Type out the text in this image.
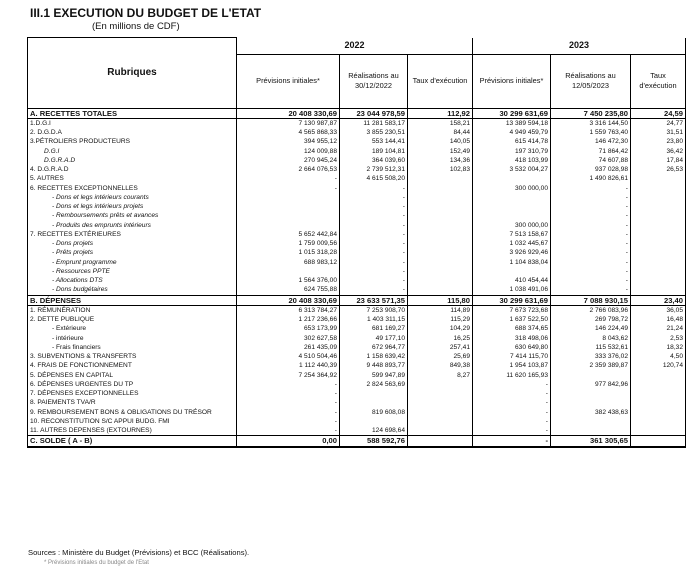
III.1 EXECUTION DU BUDGET DE L'ETAT
(En millions de CDF)
Rubriques	2022			2023		
	Prévisions initiales*	Réalisations au 30/12/2022	Taux d'exécution	Prévisions initiales*	Réalisations au 12/05/2023	Taux d'exécution
A. RECETTES TOTALES	20 408 330,69	23 044 978,59	112,92	30 299 631,69	7 450 235,80	24,59
1.D.G.I	7 130 987,87	11 281 583,17	158,21	13 389 594,18	3 316 144,50	24,77
2. D.G.D.A	4 565 868,33	3 855 230,51	84,44	4 949 459,79	1 559 763,40	31,51
3.PÉTROLIERS PRODUCTEURS	394 955,12	553 144,41	140,05	615 414,78	146 472,30	23,80
D.G.I	124 009,88	189 104,81	152,49	197 310,79	71 864,42	36,42
D.G.R.A.D	270 945,24	364 039,60	134,36	418 103,99	74 607,88	17,84
4. D.G.R.A.D	2 664 076,53	2 739 512,31	102,83	3 532 004,27	937 028,98	26,53
5. AUTRES	-	4 615 508,20			1 490 826,61	
6. RECETTES EXCEPTIONNELLES	-	-		300 000,00	-	
- Dons et legs intérieurs courants		-			-	
- Dons et legs intérieurs projets		-			-	
- Remboursements prêts et avances		-			-	
- Produits des emprunts intérieurs		-		300 000,00	-	
7. RECETTES EXTÉRIEURES	5 652 442,84	-		7 513 158,67	-	
- Dons projets	1 759 009,56	-		1 032 445,67	-	
- Prêts projets	1 015 318,28	-		3 926 929,46	-	
- Emprunt programme	688 983,12	-		1 104 838,04	-	
- Ressources PPTE		-			-	
- Allocations DTS	1 564 376,00	-		410 454,44	-	
- Dons budgétaires	624 755,88	-		1 038 491,06	-	
B. DÉPENSES	20 408 330,69	23 633 571,35	115,80	30 299 631,69	7 088 930,15	23,40
1. RÉMUNÉRATION	6 313 784,27	7 253 908,70	114,89	7 673 723,68	2 766 083,96	36,05
2. DETTE PUBLIQUE	1 217 236,66	1 403 311,15	115,29	1 637 522,50	269 798,72	16,48
- Extérieure	653 173,99	681 169,27	104,29	688 374,65	146 224,49	21,24
- intérieure	302 627,58	49 177,10	16,25	318 498,06	8 043,62	2,53
- Frais financiers	261 435,09	672 964,77	257,41	630 649,80	115 532,61	18,32
3. SUBVENTIONS & TRANSFERTS	4 510 504,46	1 158 639,42	25,69	7 414 115,70	333 376,02	4,50
4. FRAIS DE FONCTIONNEMENT	1 112 440,39	9 448 893,77	849,38	1 954 103,87	2 359 389,87	120,74
5. DÉPENSES EN CAPITAL	7 254 364,92	599 947,89	8,27	11 620 165,93		
6. DÉPENSES URGENTES DU TP	-	2 824 563,69		-	977 842,96	
7. DÉPENSES EXCEPTIONNELLES	-			-		
8. PAIEMENTS TVA/R	-			-		
9. REMBOURSEMENT BONS & OBLIGATIONS DU TRÉSOR	-	819 608,08		-	382 438,63	
10. RECONSTITUTION S/C APPUI BUDG. FMI	-			-		
11. AUTRES DEPENSES (EXTOURNES)	-	124 698,64		-		
C. SOLDE ( A - B)	0,00	588 592,76		-	361 305,65	
Sources : Ministère du Budget (Prévisions) et BCC (Réalisations).
* Prévisions initiales du budget de l'Etat
